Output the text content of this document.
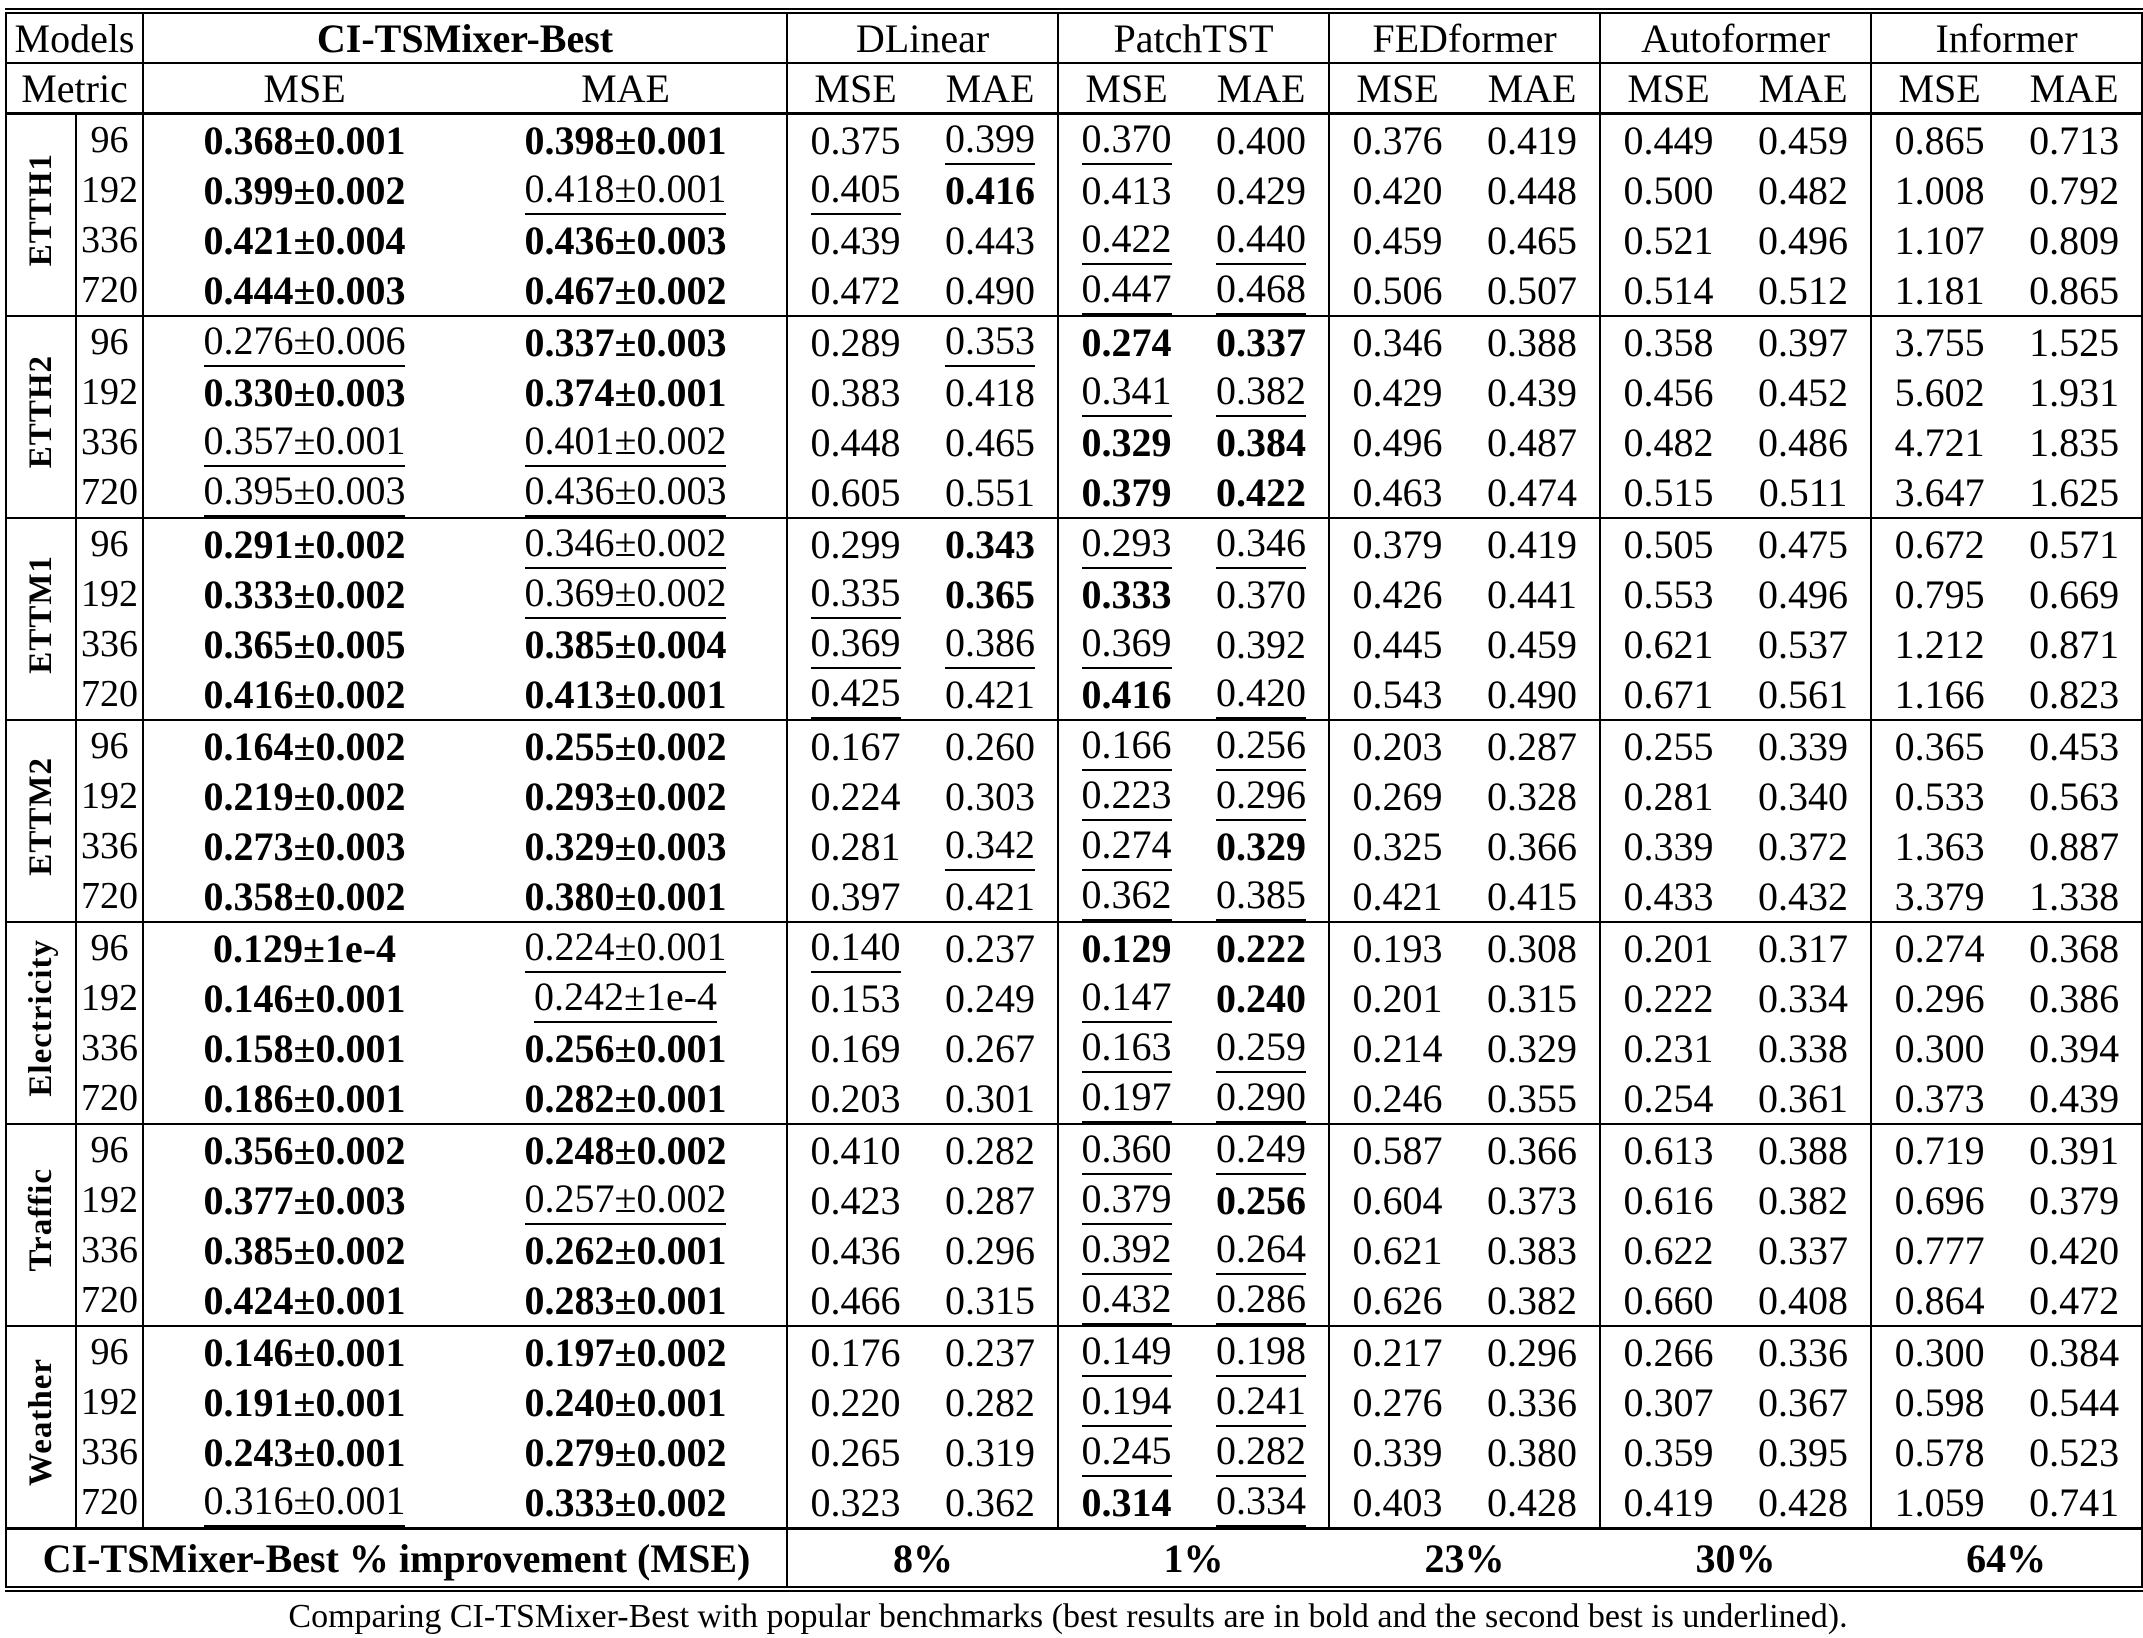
Models		CI-TSMixer-Best		DLinear		PatchTST		FEDformer		Autoformer		Informer	
Metric		MSE	MAE	MSE	MAE	MSE	MAE	MSE	MAE	MSE	MAE	MSE	MAE
ETTH1	96	0.368±0.001	0.398±0.001	0.375	0.399	0.370	0.400	0.376	0.419	0.449	0.459	0.865	0.713
	192	0.399±0.002	0.418±0.001	0.405	0.416	0.413	0.429	0.420	0.448	0.500	0.482	1.008	0.792
	336	0.421±0.004	0.436±0.003	0.439	0.443	0.422	0.440	0.459	0.465	0.521	0.496	1.107	0.809
	720	0.444±0.003	0.467±0.002	0.472	0.490	0.447	0.468	0.506	0.507	0.514	0.512	1.181	0.865
ETTH2	96	0.276±0.006	0.337±0.003	0.289	0.353	0.274	0.337	0.346	0.388	0.358	0.397	3.755	1.525
	192	0.330±0.003	0.374±0.001	0.383	0.418	0.341	0.382	0.429	0.439	0.456	0.452	5.602	1.931
	336	0.357±0.001	0.401±0.002	0.448	0.465	0.329	0.384	0.496	0.487	0.482	0.486	4.721	1.835
	720	0.395±0.003	0.436±0.003	0.605	0.551	0.379	0.422	0.463	0.474	0.515	0.511	3.647	1.625
ETTM1	96	0.291±0.002	0.346±0.002	0.299	0.343	0.293	0.346	0.379	0.419	0.505	0.475	0.672	0.571
	192	0.333±0.002	0.369±0.002	0.335	0.365	0.333	0.370	0.426	0.441	0.553	0.496	0.795	0.669
	336	0.365±0.005	0.385±0.004	0.369	0.386	0.369	0.392	0.445	0.459	0.621	0.537	1.212	0.871
	720	0.416±0.002	0.413±0.001	0.425	0.421	0.416	0.420	0.543	0.490	0.671	0.561	1.166	0.823
ETTM2	96	0.164±0.002	0.255±0.002	0.167	0.260	0.166	0.256	0.203	0.287	0.255	0.339	0.365	0.453
	192	0.219±0.002	0.293±0.002	0.224	0.303	0.223	0.296	0.269	0.328	0.281	0.340	0.533	0.563
	336	0.273±0.003	0.329±0.003	0.281	0.342	0.274	0.329	0.325	0.366	0.339	0.372	1.363	0.887
	720	0.358±0.002	0.380±0.001	0.397	0.421	0.362	0.385	0.421	0.415	0.433	0.432	3.379	1.338
Electricity	96	0.129±1e-4	0.224±0.001	0.140	0.237	0.129	0.222	0.193	0.308	0.201	0.317	0.274	0.368
	192	0.146±0.001	0.242±1e-4	0.153	0.249	0.147	0.240	0.201	0.315	0.222	0.334	0.296	0.386
	336	0.158±0.001	0.256±0.001	0.169	0.267	0.163	0.259	0.214	0.329	0.231	0.338	0.300	0.394
	720	0.186±0.001	0.282±0.001	0.203	0.301	0.197	0.290	0.246	0.355	0.254	0.361	0.373	0.439
Traffic	96	0.356±0.002	0.248±0.002	0.410	0.282	0.360	0.249	0.587	0.366	0.613	0.388	0.719	0.391
	192	0.377±0.003	0.257±0.002	0.423	0.287	0.379	0.256	0.604	0.373	0.616	0.382	0.696	0.379
	336	0.385±0.002	0.262±0.001	0.436	0.296	0.392	0.264	0.621	0.383	0.622	0.337	0.777	0.420
	720	0.424±0.001	0.283±0.001	0.466	0.315	0.432	0.286	0.626	0.382	0.660	0.408	0.864	0.472
Weather	96	0.146±0.001	0.197±0.002	0.176	0.237	0.149	0.198	0.217	0.296	0.266	0.336	0.300	0.384
	192	0.191±0.001	0.240±0.001	0.220	0.282	0.194	0.241	0.276	0.336	0.307	0.367	0.598	0.544
	336	0.243±0.001	0.279±0.002	0.265	0.319	0.245	0.282	0.339	0.380	0.359	0.395	0.578	0.523
	720	0.316±0.001	0.333±0.002	0.323	0.362	0.314	0.334	0.403	0.428	0.419	0.428	1.059	0.741
CI-TSMixer-Best % improvement (MSE)				8%		1%		23%		30%		64%	
Comparing CI-TSMixer-Best with popular benchmarks (best results are in bold and the second best is underlined).
